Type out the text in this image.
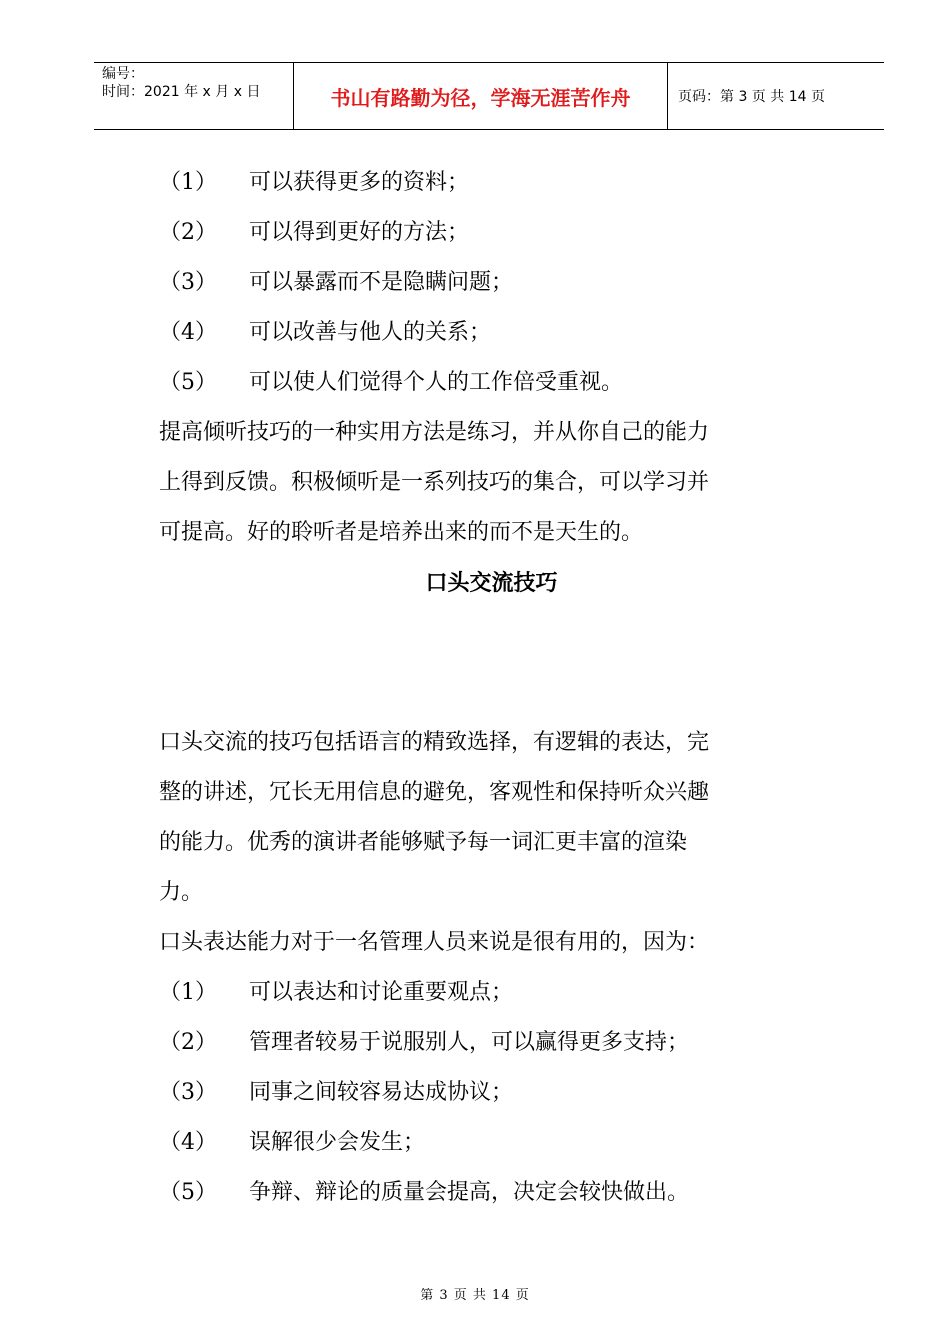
编号：
时间：2021 年 x 月 x 日	书山有路勤为径，学海无涯苦作舟	页码：第 3 页 共 14 页
（1） 可以获得更多的资料；
（2） 可以得到更好的方法；
（3） 可以暴露而不是隐瞒问题；
（4） 可以改善与他人的关系；
（5） 可以使人们觉得个人的工作倍受重视。
提高倾听技巧的一种实用方法是练习，并从你自己的能力
上得到反馈。积极倾听是一系列技巧的集合，可以学习并
可提高。好的聆听者是培养出来的而不是天生的。
口头交流技巧
口头交流的技巧包括语言的精致选择，有逻辑的表达，完
整的讲述，冗长无用信息的避免，客观性和保持听众兴趣
的能力。优秀的演讲者能够赋予每一词汇更丰富的渲染
力。
口头表达能力对于一名管理人员来说是很有用的，因为：
（1） 可以表达和讨论重要观点；
（2） 管理者较易于说服别人，可以赢得更多支持；
（3） 同事之间较容易达成协议；
（4） 误解很少会发生；
（5） 争辩、辩论的质量会提高，决定会较快做出。
第 3 页 共 14 页
